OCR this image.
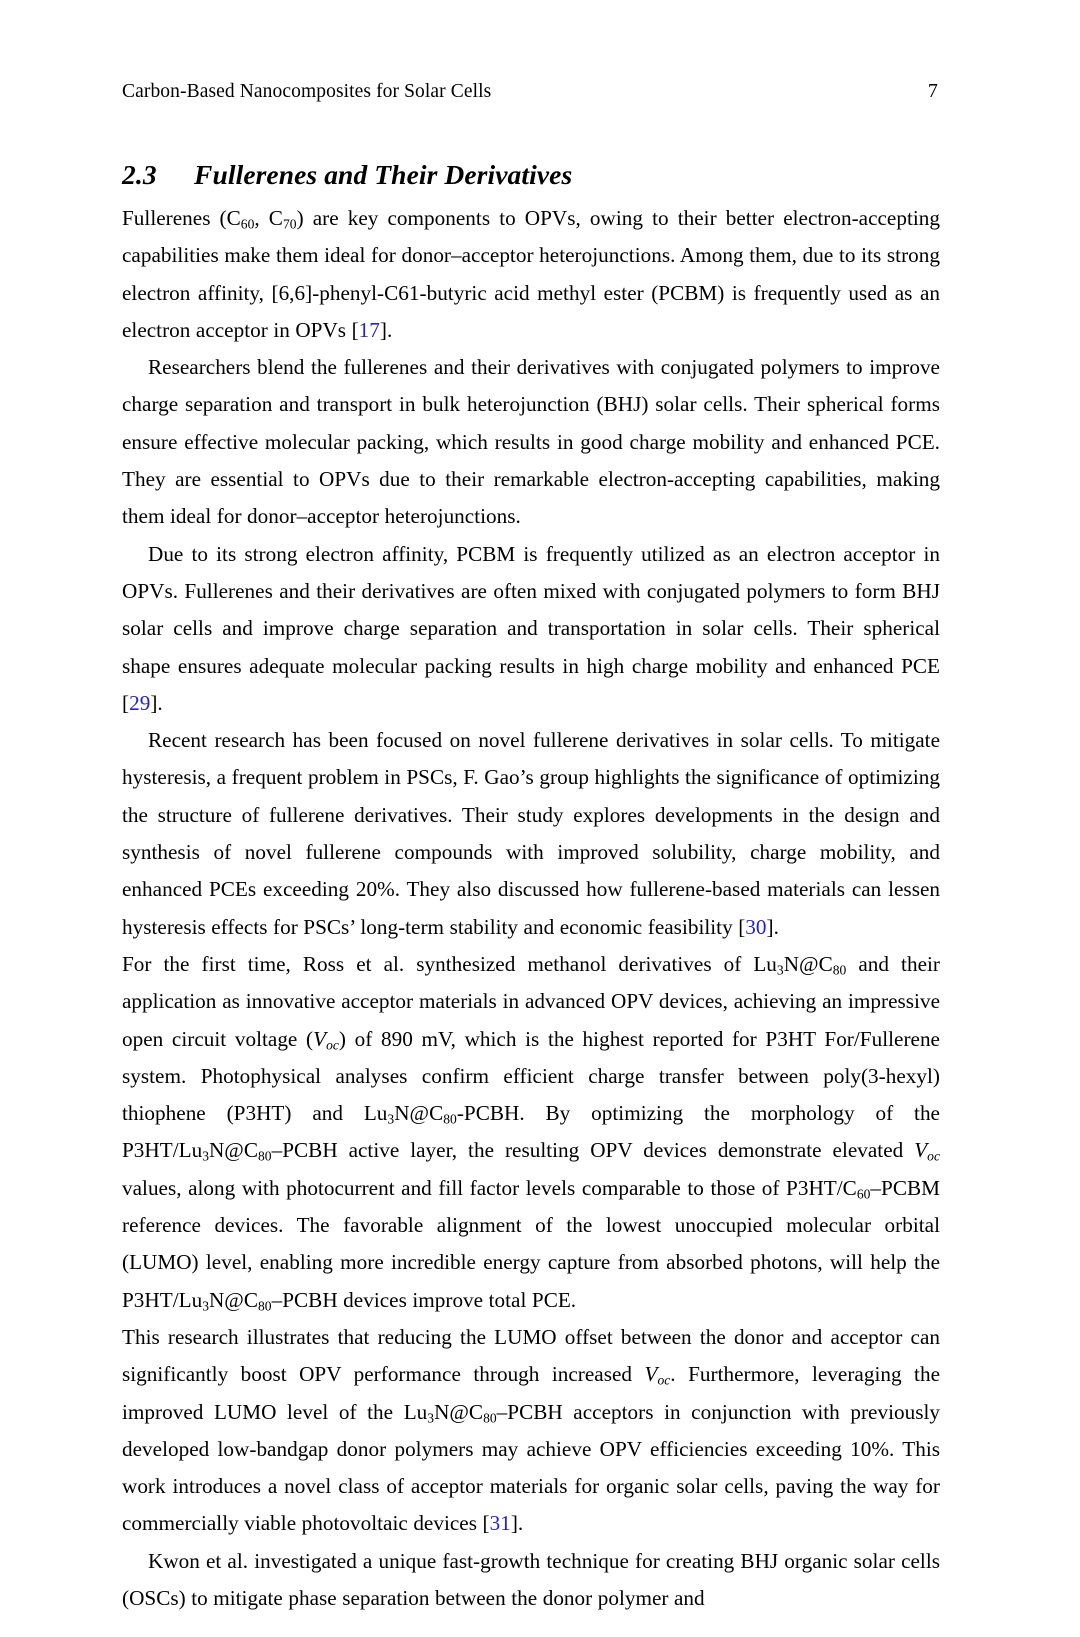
Carbon-Based Nanocomposites for Solar Cells	7
2.3 Fullerenes and Their Derivatives

Fullerenes ($C_{60}$, $C_{70}$) are key components to OPVs, owing to their better electron-accepting capabilities make them ideal for donor–acceptor heterojunctions. Among them, due to its strong electron affinity, [6,6]-phenyl-C61-butyric acid methyl ester (PCBM) is frequently used as an electron acceptor in OPVs [17].

Researchers blend the fullerenes and their derivatives with conjugated polymers to improve charge separation and transport in bulk heterojunction (BHJ) solar cells. Their spherical forms ensure effective molecular packing, which results in good charge mobility and enhanced PCE. They are essential to OPVs due to their remarkable electron-accepting capabilities, making them ideal for donor–acceptor heterojunctions.

Due to its strong electron affinity, PCBM is frequently utilized as an electron acceptor in OPVs. Fullerenes and their derivatives are often mixed with conjugated polymers to form BHJ solar cells and improve charge separation and transportation in solar cells. Their spherical shape ensures adequate molecular packing results in high charge mobility and enhanced PCE [29].

Recent research has been focused on novel fullerene derivatives in solar cells. To mitigate hysteresis, a frequent problem in PSCs, F. Gao’s group highlights the significance of optimizing the structure of fullerene derivatives. Their study explores developments in the design and synthesis of novel fullerene compounds with improved solubility, charge mobility, and enhanced PCEs exceeding 20%. They also discussed how fullerene-based materials can lessen hysteresis effects for PSCs’ long-term stability and economic feasibility [30].

For the first time, Ross et al. synthesized methanol derivatives of $Lu_3N@C_{80}$ and their application as innovative acceptor materials in advanced OPV devices, achieving an impressive open circuit voltage $(V_{oc})$ of 890 mV, which is the highest reported for P3HT For/Fullerene system. Photophysical analyses confirm efficient charge transfer between poly(3-hexyl) thiophene (P3HT) and $Lu_3N@C_{80}$-PCBH. By optimizing the morphology of the $P3HT/Lu_3N@C_{80}$–PCBH active layer, the resulting OPV devices demonstrate elevated $V_{oc}$ values, along with photocurrent and fill factor levels comparable to those of $P3HT/C_{60}$–PCBM reference devices. The favorable alignment of the lowest unoccupied molecular orbital (LUMO) level, enabling more incredible energy capture from absorbed photons, will help the $P3HT/Lu_3N@C_{80}$–PCBH devices improve total PCE.

This research illustrates that reducing the LUMO offset between the donor and acceptor can significantly boost OPV performance through increased $V_{oc}$. Furthermore, leveraging the improved LUMO level of the $Lu_3N@C_{80}$–PCBH acceptors in conjunction with previously developed low-bandgap donor polymers may achieve OPV efficiencies exceeding 10%. This work introduces a novel class of acceptor materials for organic solar cells, paving the way for commercially viable photovoltaic devices [31].

Kwon et al. investigated a unique fast-growth technique for creating BHJ organic solar cells (OSCs) to mitigate phase separation between the donor polymer and
